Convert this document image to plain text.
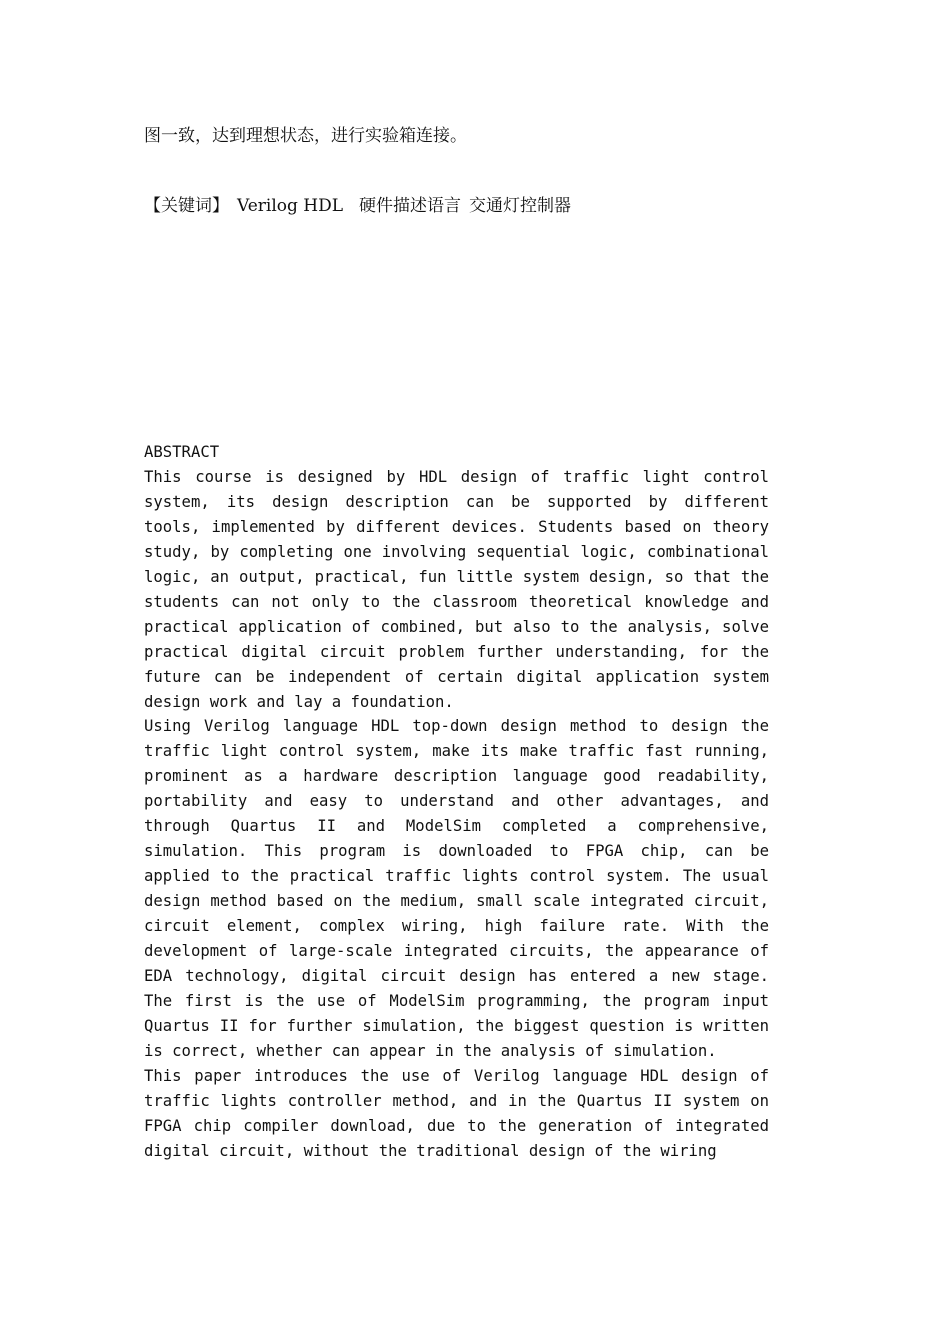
图一致，达到理想状态，进行实验箱连接。
【关键词】 Verilog HDL 硬件描述语言 交通灯控制器
ABSTRACT

This course is designed by HDL design of traffic light control system, its design description can be supported by different tools, implemented by different devices. Students based on theory study, by completing one involving sequential logic, combinational logic, an output, practical, fun little system design, so that the students can not only to the classroom theoretical knowledge and practical application of combined, but also to the analysis, solve practical digital circuit problem further understanding, for the future can be independent of certain digital application system design work and lay a foundation.

Using Verilog language HDL top-down design method to design the traffic light control system, make its make traffic fast running, prominent as a hardware description language good readability, portability and easy to understand and other advantages, and through Quartus II and ModelSim completed a comprehensive, simulation. This program is downloaded to FPGA chip, can be applied to the practical traffic lights control system. The usual design method based on the medium, small scale integrated circuit, circuit element, complex wiring, high failure rate. With the development of large-scale integrated circuits, the appearance of EDA technology, digital circuit design has entered a new stage. The first is the use of ModelSim programming, the program input Quartus II for further simulation, the biggest question is written is correct, whether can appear in the analysis of simulation.

This paper introduces the use of Verilog language HDL design of traffic lights controller method, and in the Quartus II system on FPGA chip compiler download, due to the generation of integrated digital circuit, without the traditional design of the wiring
